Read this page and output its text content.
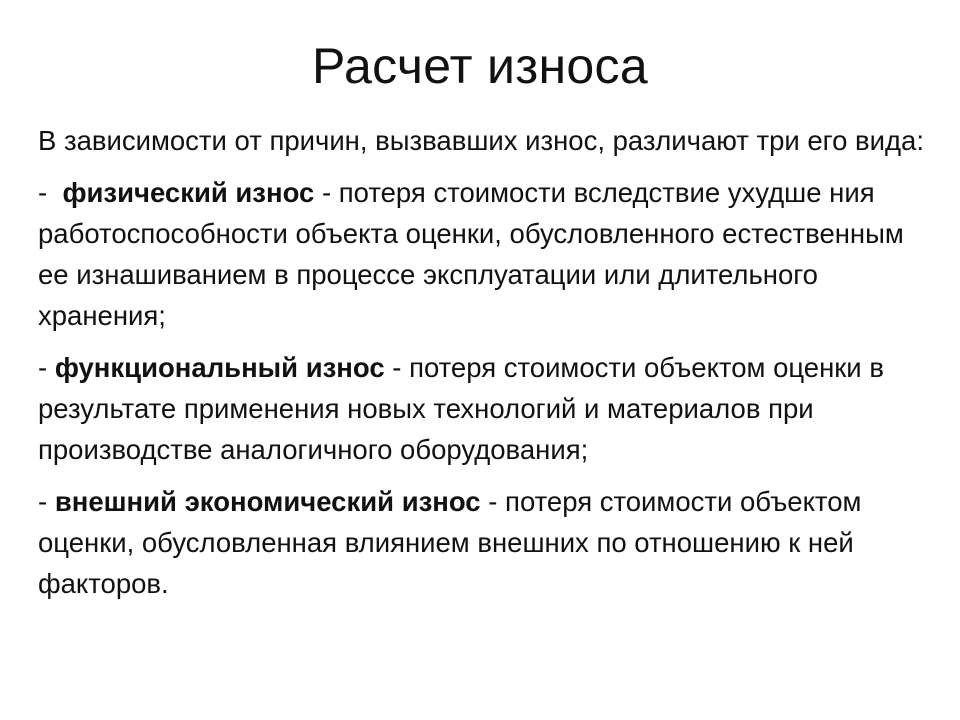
Расчет износа

В зависимости от причин, вызвавших износ, различают три его вида:

-  физический износ - потеря стоимости вследствие ухудше ния работоспособности объекта оценки, обусловленного естественным ее изнашиванием в процессе эксплуатации или длительного хранения;

- функциональный износ - потеря стоимости объектом оценки в результате применения новых технологий и материалов при производстве аналогичного оборудования;

- внешний экономический износ - потеря стоимости объектом оценки, обусловленная влиянием внешних по отношению к ней факторов.
